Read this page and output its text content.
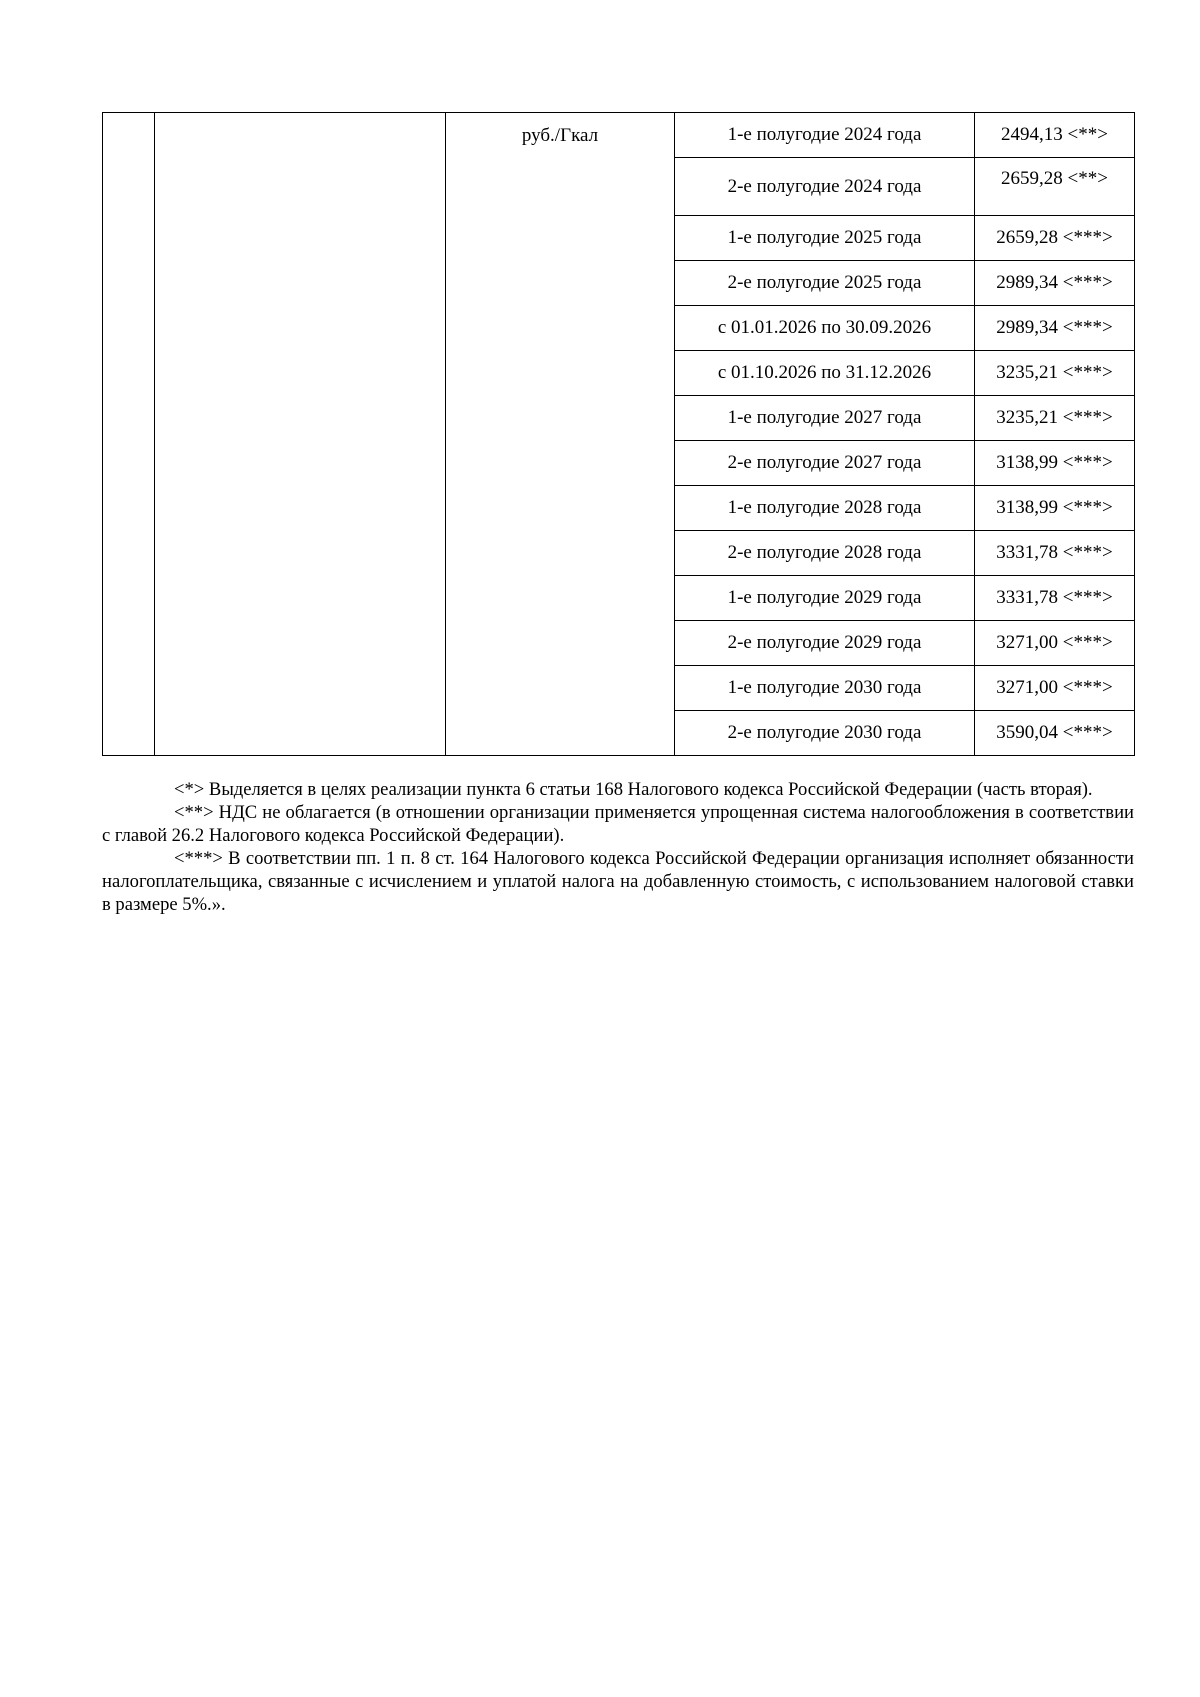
		руб./Гкал	1-е полугодие 2024 года	2494,13 <**>
			2-е полугодие 2024 года	2659,28 <**>
			1-е полугодие 2025 года	2659,28 <***>
			2-е полугодие 2025 года	2989,34 <***>
			с 01.01.2026 по 30.09.2026	2989,34 <***>
			с 01.10.2026 по 31.12.2026	3235,21 <***>
			1-е полугодие 2027 года	3235,21 <***>
			2-е полугодие 2027 года	3138,99 <***>
			1-е полугодие 2028 года	3138,99 <***>
			2-е полугодие 2028 года	3331,78 <***>
			1-е полугодие 2029 года	3331,78 <***>
			2-е полугодие 2029 года	3271,00 <***>
			1-е полугодие 2030 года	3271,00 <***>
			2-е полугодие 2030 года	3590,04 <***>

<*> Выделяется в целях реализации пункта 6 статьи 168 Налогового кодекса Российской Федерации (часть вторая).

<**> НДС не облагается (в отношении организации применяется упрощенная система налогообложения в соответствии с главой 26.2 Налогового кодекса Российской Федерации).

<***> В соответствии пп. 1 п. 8 ст. 164 Налогового кодекса Российской Федерации организация исполняет обязанности налогоплательщика, связанные с исчислением и уплатой налога на добавленную стоимость, с использованием налоговой ставки в размере 5%.».
